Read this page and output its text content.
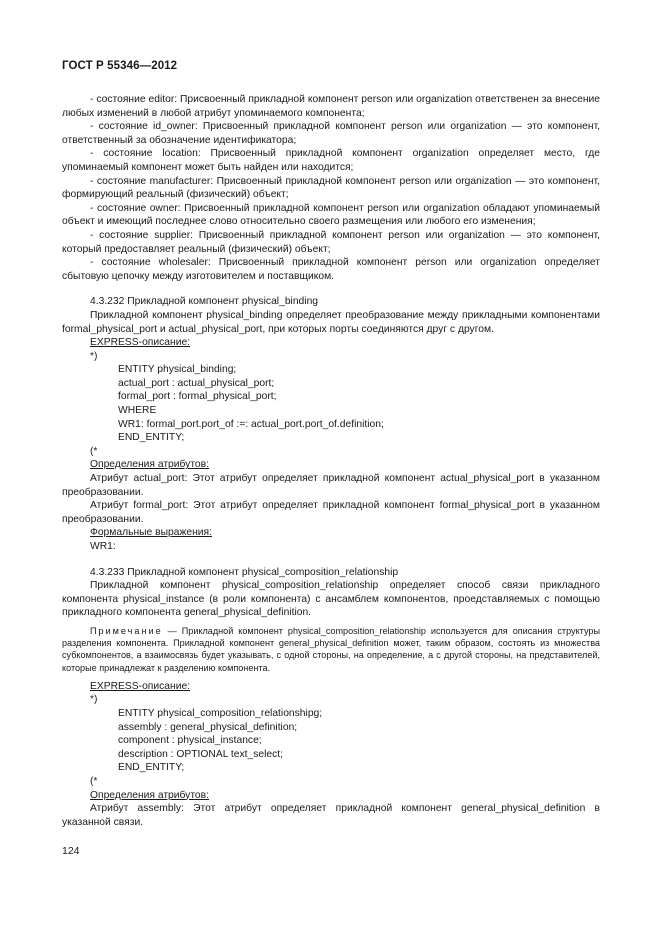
ГОСТ Р 55346—2012

- состояние editor: Присвоенный прикладной компонент person или organization ответственен за внесение любых изменений в любой атрибут упоминаемого компонента;

- состояние id_owner: Присвоенный прикладной компонент person или organization — это компонент, ответственный за обозначение идентификатора;

- состояние location: Присвоенный прикладной компонент organization определяет место, где упоминаемый компонент может быть найден или находится;

- состояние manufacturer: Присвоенный прикладной компонент person или organization — это компонент, формирующий реальный (физический) объект;

- состояние owner: Присвоенный прикладной компонент person или organization обладают упоминаемый объект и имеющий последнее слово относительно своего размещения или любого его изменения;

- состояние supplier: Присвоенный прикладной компонент person или organization — это компонент, который предоставляет реальный (физический) объект;

- состояние wholesaler: Присвоенный прикладной компонент person или organization определяет сбытовую цепочку между изготовителем и поставщиком.

4.3.232 Прикладной компонент physical_binding

Прикладной компонент physical_binding определяет преобразование между прикладными компонентами formal_physical_port и actual_physical_port, при которых порты соединяются друг с другом.

EXPRESS-описание:

*)

ENTITY physical_binding;
actual_port : actual_physical_port;
formal_port : formal_physical_port;
WHERE
WR1: formal_port.port_of :=: actual_port.port_of.definition;
END_ENTITY;

(*

Определения атрибутов:

Атрибут actual_port: Этот атрибут определяет прикладной компонент actual_physical_port в указанном преобразовании.

Атрибут formal_port: Этот атрибут определяет прикладной компонент formal_physical_port в указанном преобразовании.

Формальные выражения:

WR1:

4.3.233 Прикладной компонент physical_composition_relationship

Прикладной компонент physical_composition_relationship определяет способ связи прикладного компонента physical_instance (в роли компонента) с ансамблем компонентов, проедставляемых с помощью прикладного компонента general_physical_definition.

Примечание — Прикладной компонент physical_composition_relationship используется для описания структуры разделения компонента. Прикладной компонент general_physical_definition может, таким образом, состоять из множества субкомпонентов, а взаимосвязь будет указывать, с одной стороны, на определение, а с другой стороны, на представителей, которые принадлежат к разделению компонента.

EXPRESS-описание:

*)

ENTITY physical_composition_relationshipg;
assembly : general_physical_definition;
component : physical_instance;
description : OPTIONAL text_select;
END_ENTITY;

(*

Определения атрибутов:

Атрибут assembly: Этот атрибут определяет прикладной компонент general_physical_definition в указанной связи.

124
